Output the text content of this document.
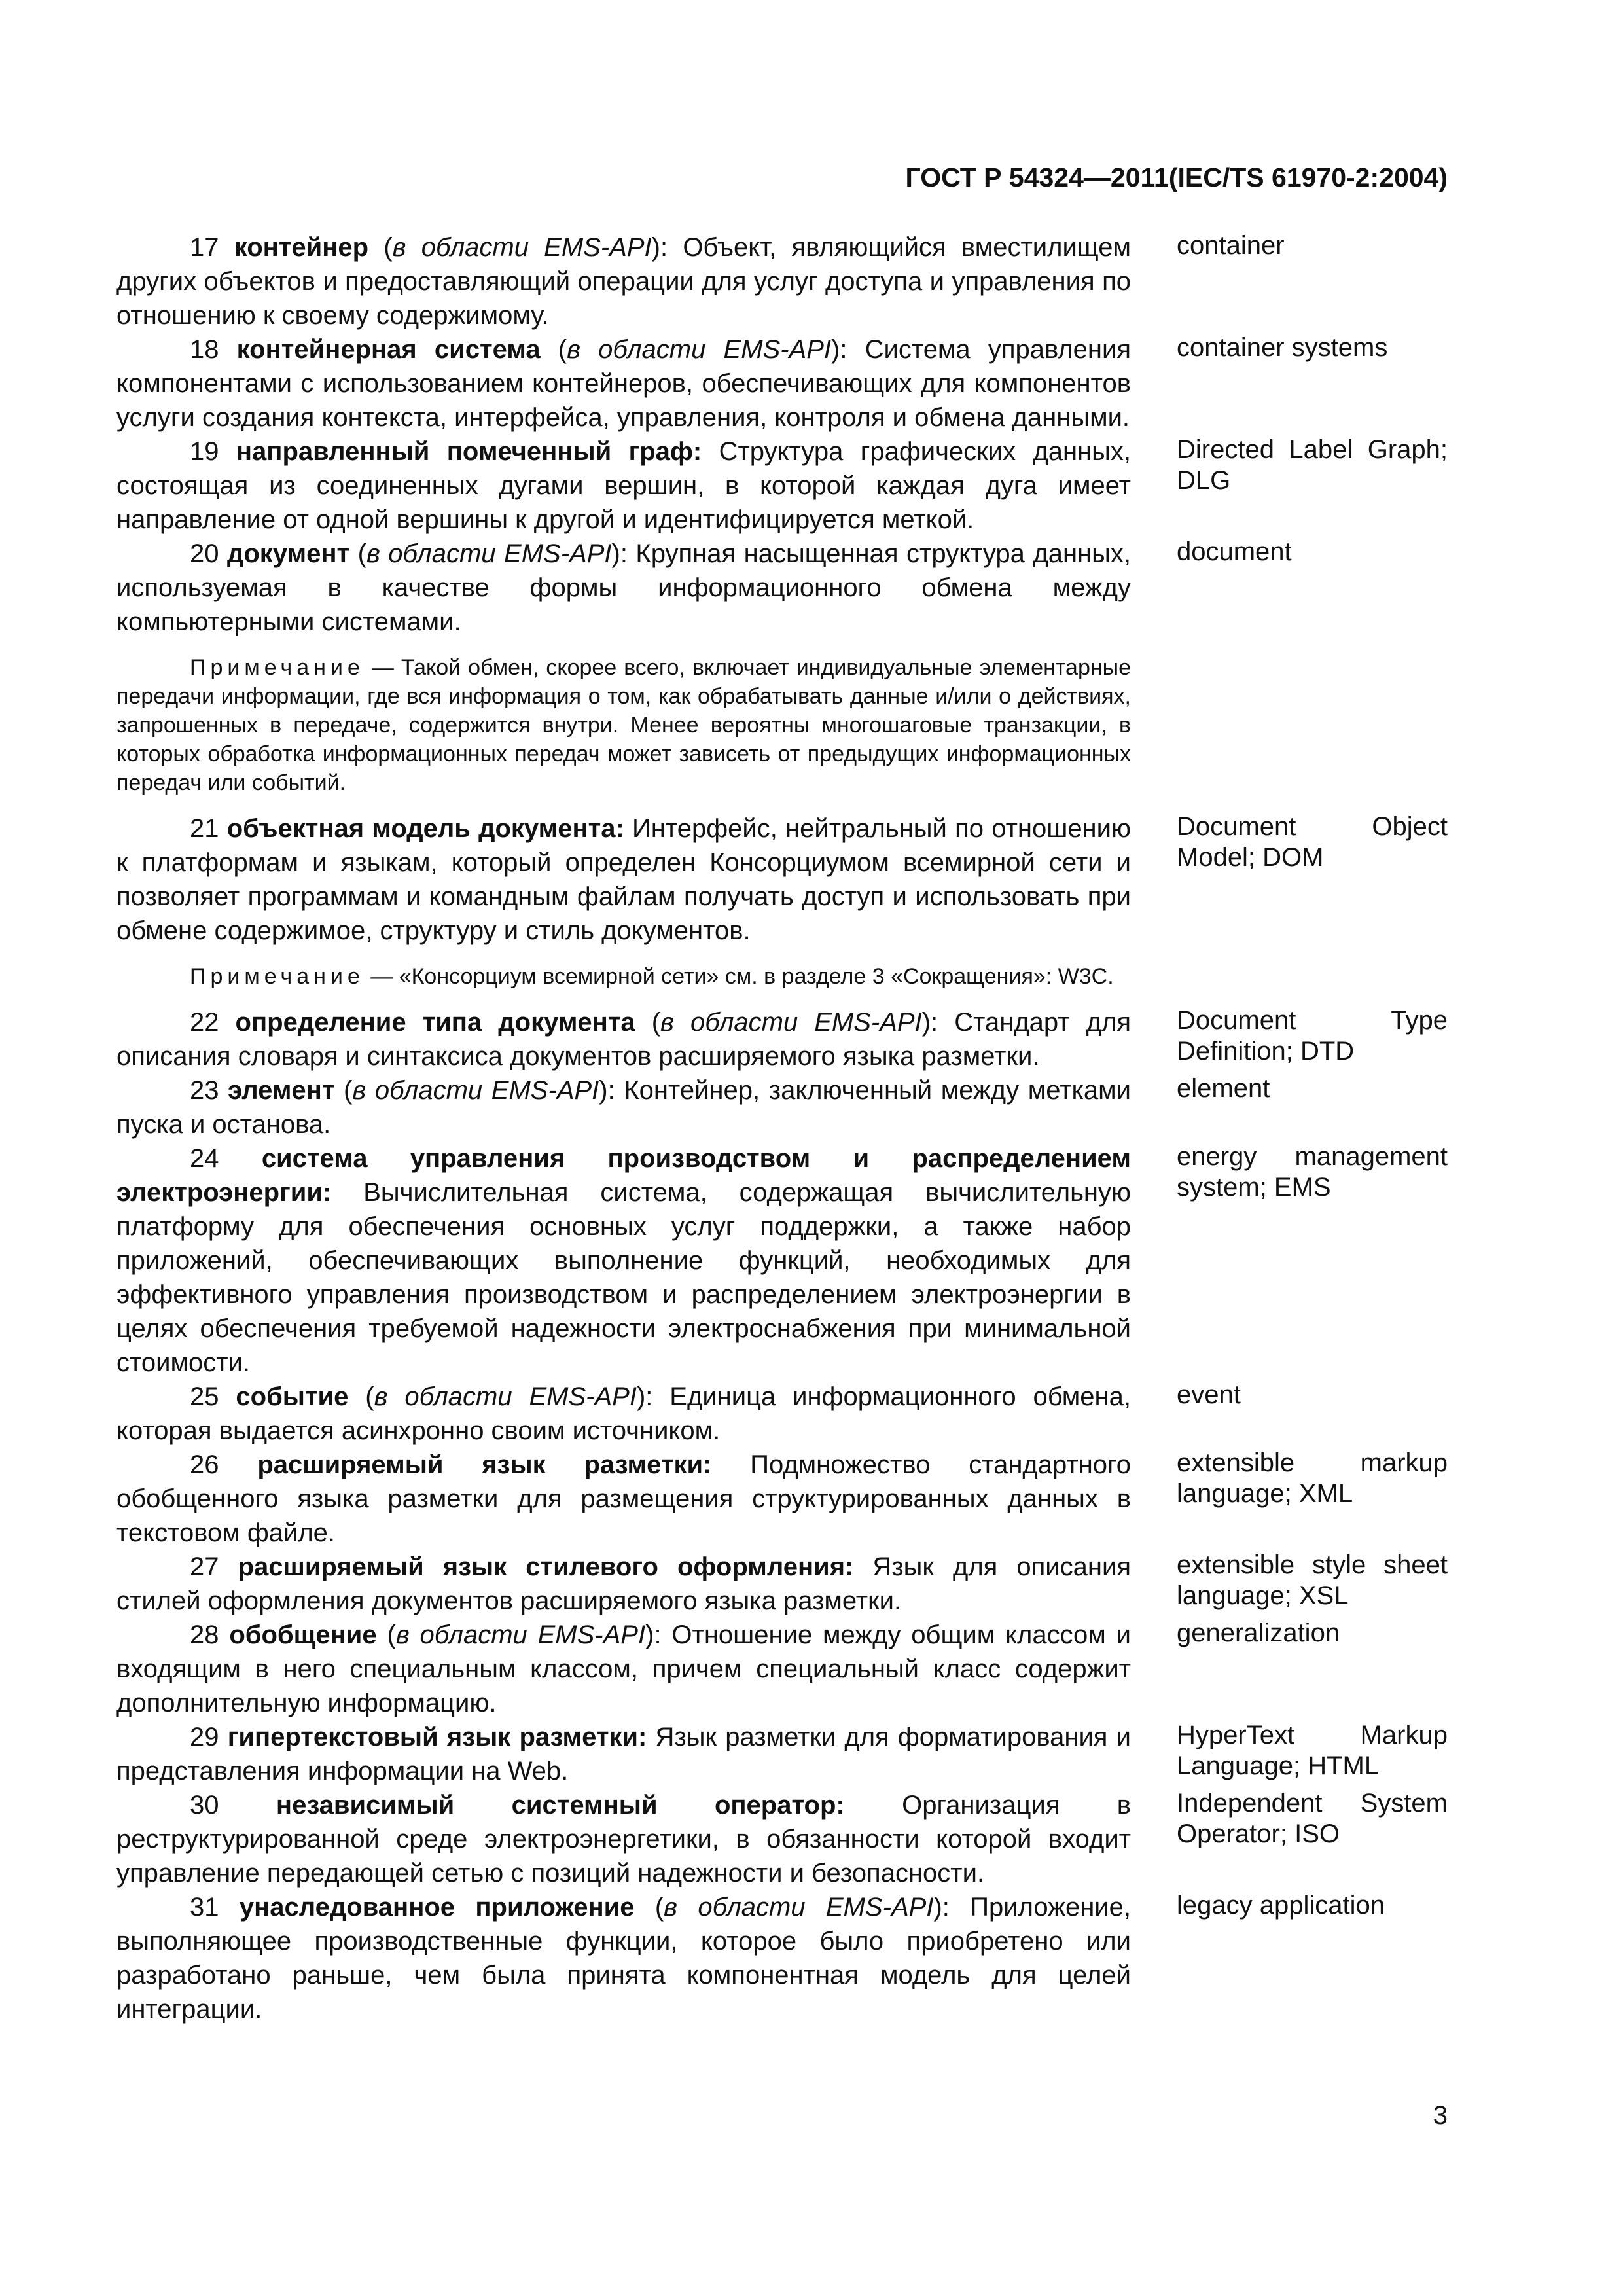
ГОСТ Р 54324—2011(IEC/TS 61970-2:2004)

17 контейнер (в области EMS-API): Объект, являющийся вместилищем других объектов и предоставляющий операции для услуг доступа и управления по отношению к своему содержимому.

container

18 контейнерная система (в области EMS-API): Система управления компонентами с использованием контейнеров, обеспечивающих для компонентов услуги создания контекста, интерфейса, управления, контроля и обмена данными.

container systems

19 направленный помеченный граф: Структура графических данных, состоящая из соединенных дугами вершин, в которой каждая дуга имеет направление от одной вершины к другой и идентифицируется меткой.

Directed Label Graph; DLG

20 документ (в области EMS-API): Крупная насыщенная структура данных, используемая в качестве формы информационного обмена между компьютерными системами.

document
Примечание — Такой обмен, скорее всего, включает индивидуальные элементарные передачи информации, где вся информация о том, как обрабатывать данные и/или о действиях, запрошенных в передаче, содержится внутри. Менее вероятны многошаговые транзакции, в которых обработка информационных передач может зависеть от предыдущих информационных передач или событий.

21 объектная модель документа: Интерфейс, нейтральный по отношению к платформам и языкам, который определен Консорциумом всемирной сети и позволяет программам и командным файлам получать доступ и использовать при обмене содержимое, структуру и стиль документов.

Document Object Model; DOM
Примечание — «Консорциум всемирной сети» см. в разделе 3 «Сокращения»: W3C.

22 определение типа документа (в области EMS-API): Стандарт для описания словаря и синтаксиса документов расширяемого языка разметки.

Document Type Definition; DTD

23 элемент (в области EMS-API): Контейнер, заключенный между метками пуска и останова.

element

24 система управления производством и распределением электроэнергии: Вычислительная система, содержащая вычислительную платформу для обеспечения основных услуг поддержки, а также набор приложений, обеспечивающих выполнение функций, необходимых для эффективного управления производством и распределением электроэнергии в целях обеспечения требуемой надежности электроснабжения при минимальной стоимости.

energy management system; EMS

25 событие (в области EMS-API): Единица информационного обмена, которая выдается асинхронно своим источником.

event

26 расширяемый язык разметки: Подмножество стандартного обобщенного языка разметки для размещения структурированных данных в текстовом файле.

extensible markup language; XML

27 расширяемый язык стилевого оформления: Язык для описания стилей оформления документов расширяемого языка разметки.

extensible style sheet language; XSL

28 обобщение (в области EMS-API): Отношение между общим классом и входящим в него специальным классом, причем специальный класс содержит дополнительную информацию.

generalization

29 гипертекстовый язык разметки: Язык разметки для форматирования и представления информации на Web.

HyperText Markup Language; HTML

30 независимый системный оператор: Организация в реструктурированной среде электроэнергетики, в обязанности которой входит управление передающей сетью с позиций надежности и безопасности.

Independent System Operator; ISO

31 унаследованное приложение (в области EMS-API): Приложение, выполняющее производственные функции, которое было приобретено или разработано раньше, чем была принята компонентная модель для целей интеграции.

legacy application
3
